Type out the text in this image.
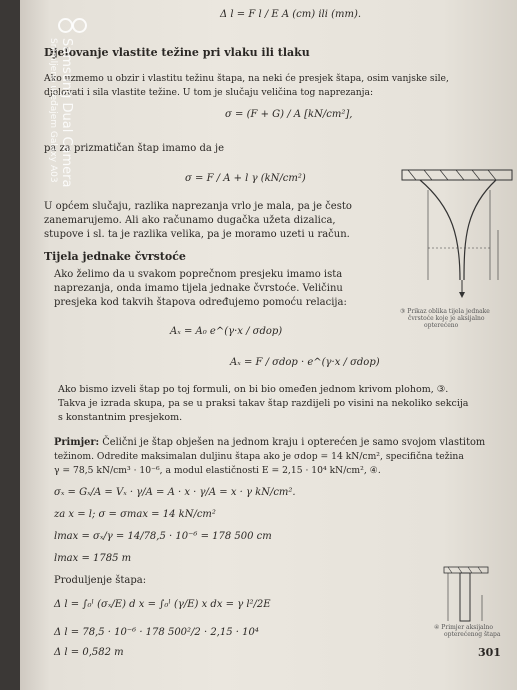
Δ l = F l / E A (cm) ili (mm).
Djelovanje vlastite težine pri vlaku ili tlaku
Ako uzmemo u obzir i vlastitu težinu štapa, na neki će presjek štapa, osim vanjske sile,
djelovati i sila vlastite težine. U tom je slučaju veličina tog naprezanja:
σ = (F + G) / A [kN/cm²],
pa za prizmatičan štap imamo da je
σ = F / A + l γ (kN/cm²)
U općem slučaju, razlika naprezanja vrlo je mala, pa je često
zanemarujemo. Ali ako računamo dugačka užeta dizalica,
stupove i sl. ta je razlika velika, pa je moramo uzeti u račun.
Tijela jednake čvrstoće
Ako želimo da u svakom poprečnom presjeku imamo ista
naprezanja, onda imamo tijela jednake čvrstoće. Veličinu
presjeka kod takvih štapova određujemo pomoću relacija:
Aₓ = A₀ e^(γ·x / σdop)
Aₓ = F / σdop · e^(γ·x / σdop)
③ Prikaz oblika tijela jednake
čvrstoće koje je aksijalno
opterećeno
Ako bismo izveli štap po toj formuli, on bi bio omeđen jednom krivom plohom, ③.
Takva je izrada skupa, pa se u praksi takav štap razdijeli po visini na nekoliko sekcija
s konstantnim presjekom.
Primjer: Čelični je štap obješen na jednom kraju i opterećen je samo svojom vlastitom
težinom. Odredite maksimalan duljinu štapa ako je σdop = 14 kN/cm², specifična težina
γ = 78,5 kN/cm³ · 10⁻⁶, a modul elastičnosti E = 2,15 · 10⁴ kN/cm², ④.
σₓ = Gₓ/A = Vₓ · γ/A = A · x · γ/A = x · γ kN/cm².
za x = l; σ = σmax = 14 kN/cm²
lmax = σₓ/γ = 14/78,5 · 10⁻⁶ = 178 500 cm
lmax = 1785 m
Produljenje štapa:
Δ l = ∫₀ˡ (σₓ/E) d x = ∫₀ˡ (γ/E) x dx = γ l²/2E
Δ l = 78,5 · 10⁻⁶ · 178 500²/2 · 2,15 · 10⁴
Δ l = 0,582 m
④ Primjer aksijalno
opterećenog štapa
301
Samsung Dual Camera
Snimljeno uređajem Galaxy A03
